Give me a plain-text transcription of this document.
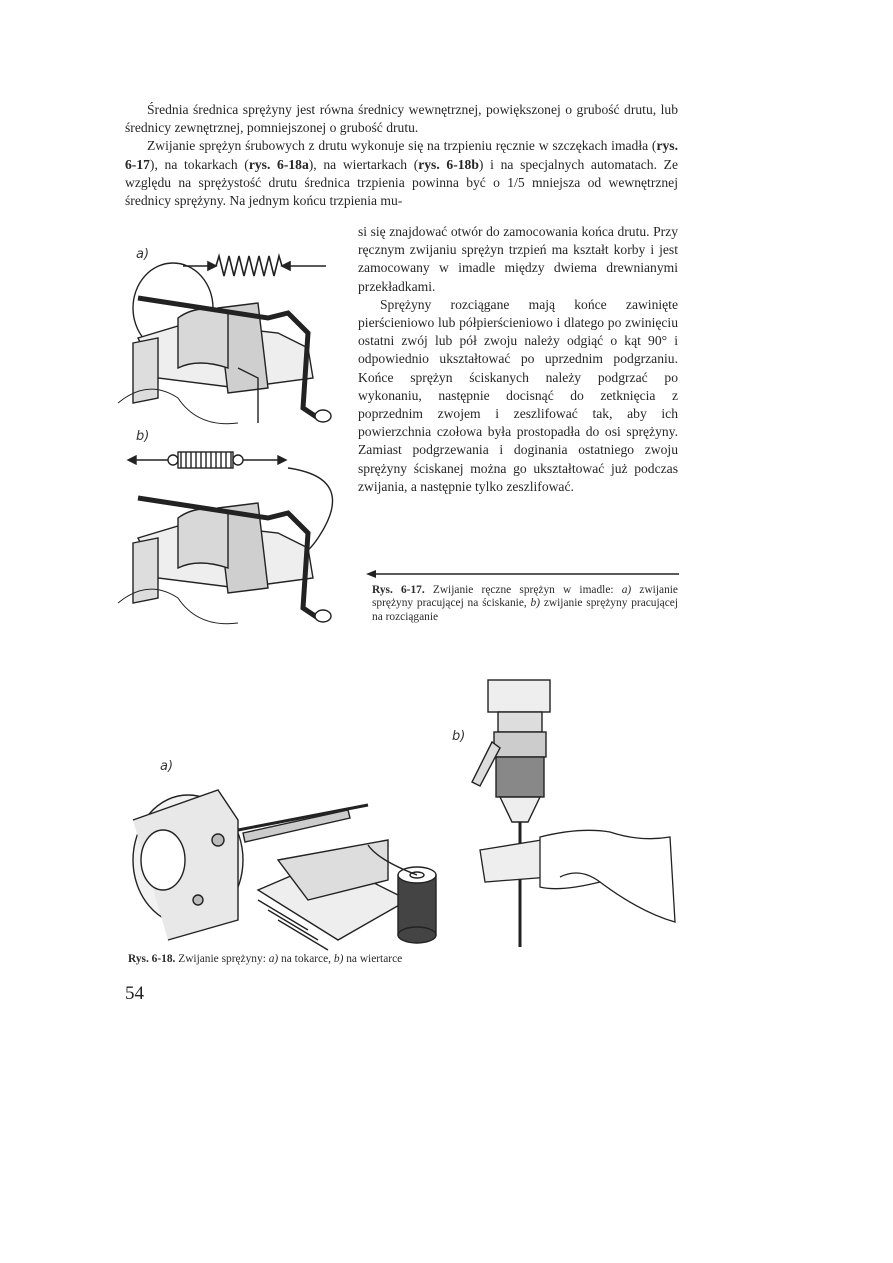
Średnia średnica sprężyny jest równa średnicy wewnętrznej, powiększonej o grubość drutu, lub średnicy zewnętrznej, pomniejszonej o grubość drutu.

Zwijanie sprężyn śrubowych z drutu wykonuje się na trzpieniu ręcznie w szczękach imadła (rys. 6-17), na tokarkach (rys. 6-18a), na wiertarkach (rys. 6-18b) i na specjalnych automatach. Ze względu na sprężystość drutu średnica trzpienia powinna być o 1/5 mniejsza od wewnętrznej średnicy sprężyny. Na jednym końcu trzpienia mu-

si się znajdować otwór do zamocowania końca drutu. Przy ręcznym zwijaniu sprężyn trzpień ma kształt korby i jest zamocowany w imadle między dwiema drewnianymi przekładkami.

Sprężyny rozciągane mają końce zawinięte pierścieniowo lub półpierścieniowo i dlatego po zwinięciu ostatni zwój lub pół zwoju należy odgiąć o kąt 90° i odpowiednio ukształtować po uprzednim podgrzaniu. Końce sprężyn ściskanych należy podgrzać po wykonaniu, następnie docisnąć do zetknięcia z poprzednim zwojem i zeszlifować tak, aby ich powierzchnia czołowa była prostopadła do osi sprężyny. Zamiast podgrzewania i doginania ostatniego zwoju sprężyny ściskanej można go ukształtować już podczas zwijania, a następnie tylko zeszlifować.

a)
b)
Rys. 6-17. Zwijanie ręczne sprężyn w imadle: a) zwijanie sprężyny pracującej na ściskanie, b) zwijanie sprężyny pracującej na rozciąganie
a)
b)
Rys. 6-18. Zwijanie sprężyny: a) na tokarce, b) na wiertarce
54
